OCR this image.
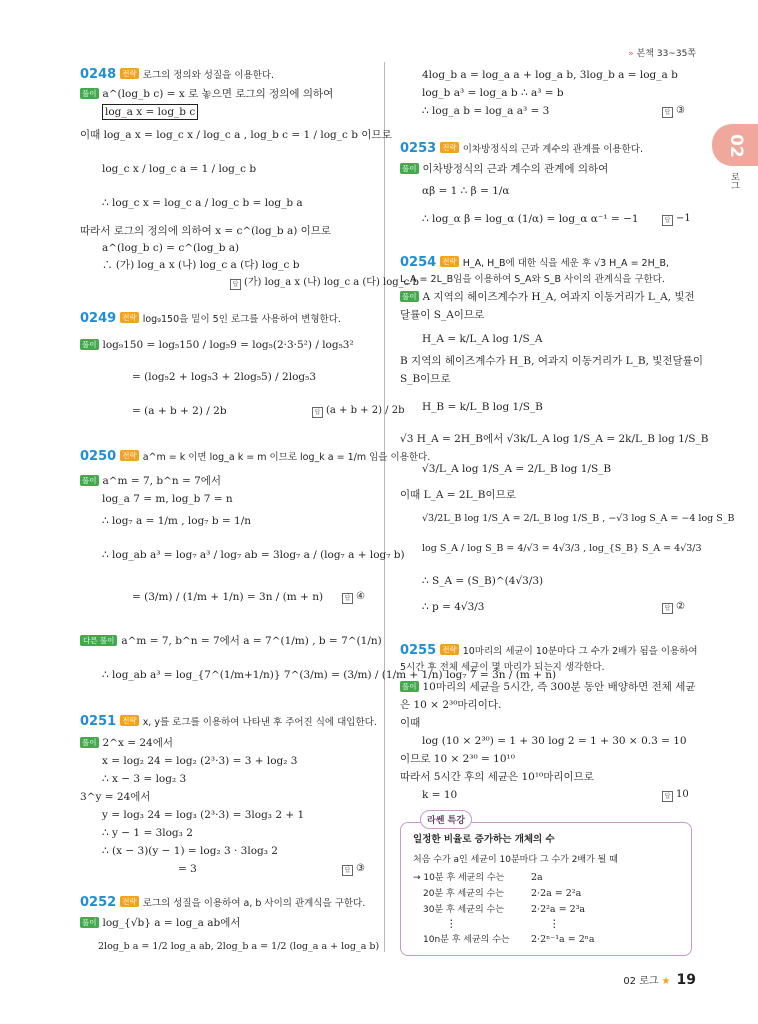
» 본책 33~35쪽
02
로그
0248 전략 로그의 정의와 성질을 이용한다.
풀이 a^(log_b c) = x 로 놓으면 로그의 정의에 의하여
log_a x = log_b c
이때 log_a x = log_c x / log_c a , log_b c = 1 / log_c b 이므로
log_c x / log_c a = 1 / log_c b
∴ log_c x = log_c a / log_c b = log_b a
따라서 로그의 정의에 의하여 x = c^(log_b a) 이므로
a^(log_b c) = c^(log_b a)
∴ (가) log_a x (나) log_c a (다) log_c b
답 (가) log_a x (나) log_c a (다) log_c b
0249 전략 log₉150을 밑이 5인 로그를 사용하여 변형한다.
풀이 log₉150 = log₅150 / log₅9 = log₅(2·3·5²) / log₅3²
= (log₅2 + log₅3 + 2log₅5) / 2log₅3
= (a + b + 2) / 2b	답 (a + b + 2) / 2b
0250 전략 a^m = k 이면 log_a k = m 이므로 log_k a = 1/m 임을 이용한다.
풀이 a^m = 7, b^n = 7에서
log_a 7 = m, log_b 7 = n
∴ log₇ a = 1/m , log₇ b = 1/n
∴ log_ab a³ = log₇ a³ / log₇ ab = 3log₇ a / (log₇ a + log₇ b)
= (3/m) / (1/m + 1/n) = 3n / (m + n)	답 ④
다른 풀이 a^m = 7, b^n = 7에서 a = 7^(1/m) , b = 7^(1/n)
∴ log_ab a³ = log_{7^(1/m+1/n)} 7^(3/m) = (3/m) / (1/m + 1/n) log₇ 7 = 3n / (m + n)
0251 전략 x, y를 로그를 이용하여 나타낸 후 주어진 식에 대입한다.
풀이 2^x = 24에서
x = log₂ 24 = log₂ (2³·3) = 3 + log₂ 3
∴ x − 3 = log₂ 3
3^y = 24에서
y = log₃ 24 = log₃ (2³·3) = 3log₃ 2 + 1
∴ y − 1 = 3log₃ 2
∴ (x − 3)(y − 1) = log₂ 3 · 3log₃ 2
= 3	답 ③
0252 전략 로그의 성질을 이용하여 a, b 사이의 관계식을 구한다.
풀이 log_{√b} a = log_a ab에서
2log_b a = 1/2 log_a ab, 2log_b a = 1/2 (log_a a + log_a b)
4log_b a = log_a a + log_a b, 3log_b a = log_a b
log_b a³ = log_a b ∴ a³ = b
∴ log_a b = log_a a³ = 3	답 ③
0253 전략 이차방정식의 근과 계수의 관계를 이용한다.
풀이 이차방정식의 근과 계수의 관계에 의하여
αβ = 1 ∴ β = 1/α
∴ log_α β = log_α (1/α) = log_α α⁻¹ = −1	답 −1
0254 전략 H_A, H_B에 대한 식을 세운 후 √3 H_A = 2H_B,
L_A = 2L_B임을 이용하여 S_A와 S_B 사이의 관계식을 구한다.
풀이 A 지역의 헤이즈계수가 H_A, 여과지 이동거리가 L_A, 빛전
달률이 S_A이므로
H_A = k/L_A log 1/S_A
B 지역의 헤이즈계수가 H_B, 여과지 이동거리가 L_B, 빛전달률이
S_B이므로
H_B = k/L_B log 1/S_B
√3 H_A = 2H_B에서 √3k/L_A log 1/S_A = 2k/L_B log 1/S_B
√3/L_A log 1/S_A = 2/L_B log 1/S_B
이때 L_A = 2L_B이므로
√3/2L_B log 1/S_A = 2/L_B log 1/S_B , −√3 log S_A = −4 log S_B
log S_A / log S_B = 4/√3 = 4√3/3 , log_{S_B} S_A = 4√3/3
∴ S_A = (S_B)^(4√3/3)
∴ p = 4√3/3	답 ②
0255 전략 10마리의 세균이 10분마다 그 수가 2배가 됨을 이용하여
5시간 후 전체 세균이 몇 마리가 되는지 생각한다.
풀이 10마리의 세균을 5시간, 즉 300분 동안 배양하면 전체 세균
은 10 × 2³⁰마리이다.
이때
log (10 × 2³⁰) = 1 + 30 log 2 = 1 + 30 × 0.3 = 10
이므로 10 × 2³⁰ = 10¹⁰
따라서 5시간 후의 세균은 10¹⁰마리이므로
k = 10	답 10
일정한 비율로 증가하는 개체의 수
처음 수가 a인 세균이 10분마다 그 수가 2배가 될 때
→ 10분 후 세균의 수는	2a
20분 후 세균의 수는	2·2a = 2²a
30분 후 세균의 수는	2·2²a = 2³a
⋮	⋮
10n분 후 세균의 수는 2·2ⁿ⁻¹a = 2ⁿa
라쎈 특강
02 로그 ★ 19
